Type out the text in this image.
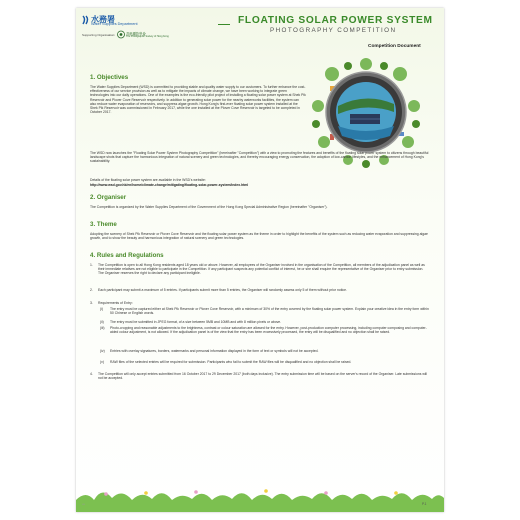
水務署
Water Supplies Department
Supporting Organisation:	香港攝影學會
The Photographic Society of Hong Kong
FLOATING SOLAR POWER SYSTEM
PHOTOGRAPHY COMPETITION
Competition Document
1. Objectives
The Water Supplies Department (WSD) is committed to providing stable and quality water supply to our customers. To further enhance the cost-effectiveness of our service provision as well as to mitigate the impacts of climate change, we have been working to integrate green technologies into our daily operations. One of the examples is the eco-friendly pilot project of installing a floating solar power system at Shek Pik Reservoir and Plover Cove Reservoir respectively. In addition to generating solar power for the nearby waterworks facilities, the system can also reduce water evaporation of reservoirs, and suppress algae growth. Hong Kong's first-ever floating solar power system installed at the Shek Pik Reservoir was commissioned in February 2017, while the one installed at the Plover Cove Reservoir is targeted to be completed in October 2017.
The WSD now launches the "Floating Solar Power System Photography Competition" (hereinafter "Competition") with a view to promoting the features and benefits of the floating solar power system to citizens through beautiful landscape shots that capture the harmonious integration of natural scenery and green technologies, and thereby encouraging energy conservation, the adoption of low-carbon lifestyles, and the enhancement of Hong Kong's sustainability.
Details of the floating solar power system are available in the WSD's website:
http://www.wsd.gov.hk/en/home/climate-change/mitigating/floating-solar-power-system/index.html
2. Organiser
The Competition is organized by the Water Supplies Department of the Government of the Hong Kong Special Administrative Region (hereinafter "Organiser").
3. Theme
Adopting the scenery of Shek Pik Reservoir or Plover Cove Reservoir and the floating solar power system as the theme in order to highlight the benefits of the system such as reducing water evaporation and suppressing algae growth, and to show the beauty and harmonious integration of natural scenery and green technologies.
4. Rules and Regulations
1. The Competition is open to all Hong Kong residents aged 18 years old or above. However, all employees of the Organiser involved in the organisation of the Competition, all members of the adjudication panel as well as their immediate relatives are not eligible to participate in the Competition. If any participant suspects any potential conflict of interest, he or she shall enquire the representative of the Organiser prior to entry submission. The Organiser reserves the right to declare any participant ineligible.
2. Each participant may submit a maximum of 5 entries. If participants submit more than 5 entries, the Organiser will randomly assess only 5 of them without prior notice.
3. Requirements of Entry:
(i) The entry must be captured either at Shek Pik Reservoir or Plover Cove Reservoir, with a minimum of 30% of the entry covered by the floating solar power system. Explain your creative idea in the entry form within 50 Chinese or English words.
(ii) The entry must be submitted in JPEG format, of a size between 5MB and 10MB and with 8 million pixels or above.
(iii) Photo-cropping and reasonable adjustments to the brightness, contrast or colour saturation are allowed for the entry. However, post-production computer processing, including computer composing and computer-aided colour adjustment, is not allowed. If the adjudication panel is of the view that the entry has been excessively processed, the entry will be disqualified and no objection shall be raised.
(iv) Entries with overlay signatures, borders, watermarks and personal information displayed in the form of text or symbols will not be accepted.
(v) RAW files of the selected entries will be required for submission. Participants who fail to submit the RAW files will be disqualified and no objection shall be raised.
4. The Competition will only accept entries submitted from 16 October 2017 to 29 December 2017 (both days inclusive). The entry submission time will be based on the server's record of the Organiser. Late submissions will not be accepted.
•••	P.1
